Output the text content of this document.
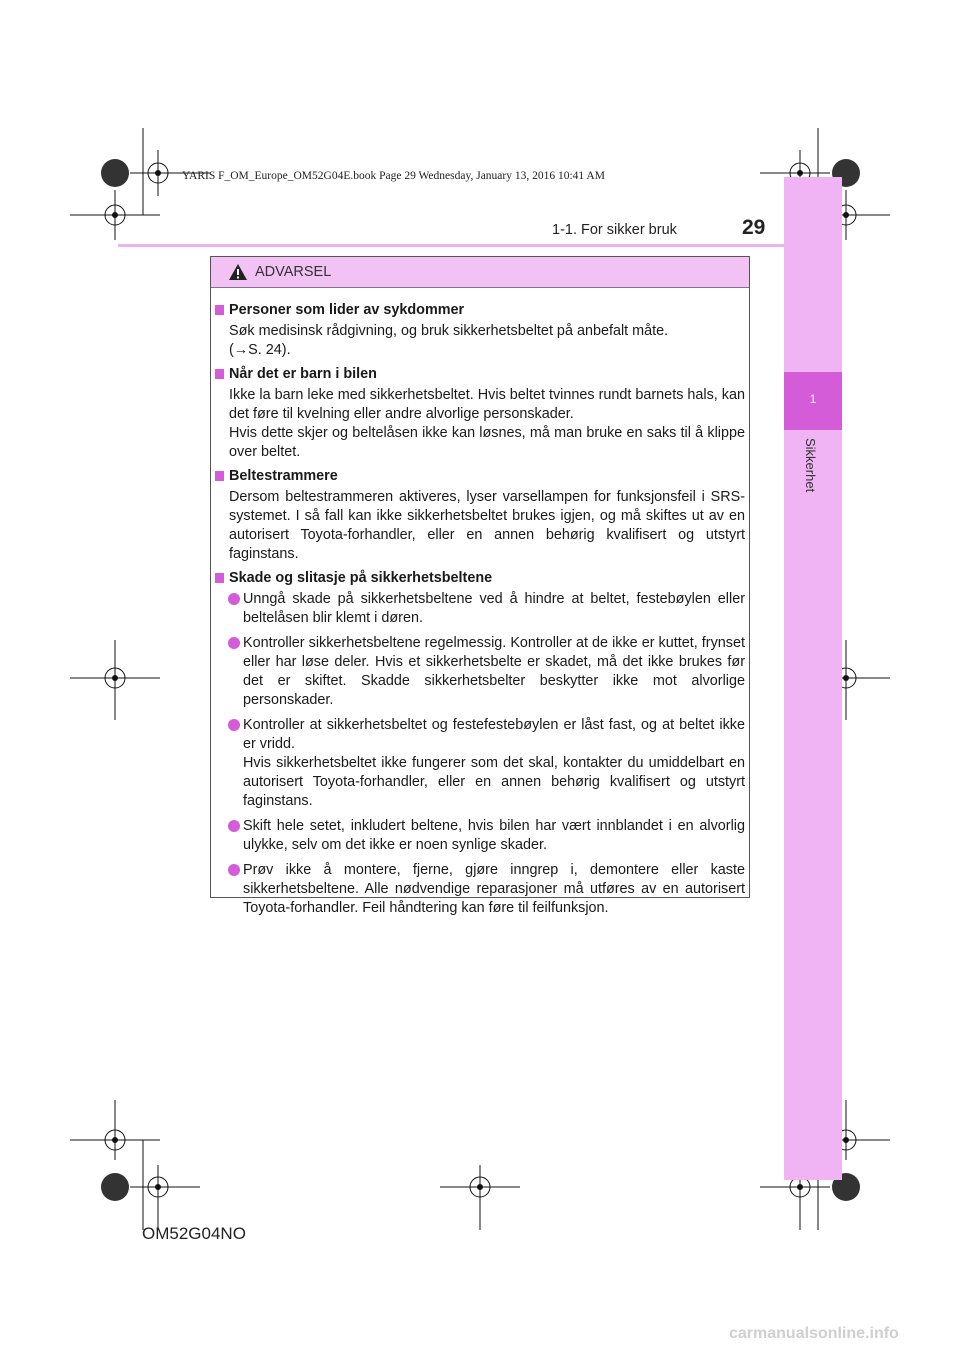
YARIS F_OM_Europe_OM52G04E.book Page 29 Wednesday, January 13, 2016 10:41 AM
1-1. For sikker bruk	29
1
Sikkerhet
ADVARSEL
Personer som lider av sykdommer
Søk medisinsk rådgivning, og bruk sikkerhetsbeltet på anbefalt måte.
(→S. 24).
Når det er barn i bilen
Ikke la barn leke med sikkerhetsbeltet. Hvis beltet tvinnes rundt barnets hals, kan det føre til kvelning eller andre alvorlige personskader.
Hvis dette skjer og beltelåsen ikke kan løsnes, må man bruke en saks til å klippe over beltet.
Beltestrammere
Dersom beltestrammeren aktiveres, lyser varsellampen for funksjonsfeil i SRS-systemet. I så fall kan ikke sikkerhetsbeltet brukes igjen, og må skiftes ut av en autorisert Toyota-forhandler, eller en annen behørig kvalifisert og utstyrt faginstans.
Skade og slitasje på sikkerhetsbeltene
Unngå skade på sikkerhetsbeltene ved å hindre at beltet, festebøylen eller beltelåsen blir klemt i døren.
Kontroller sikkerhetsbeltene regelmessig. Kontroller at de ikke er kuttet, frynset eller har løse deler. Hvis et sikkerhetsbelte er skadet, må det ikke brukes før det er skiftet. Skadde sikkerhetsbelter beskytter ikke mot alvorlige personskader.
Kontroller at sikkerhetsbeltet og festefestebøylen er låst fast, og at beltet ikke er vridd.
Hvis sikkerhetsbeltet ikke fungerer som det skal, kontakter du umiddelbart en autorisert Toyota-forhandler, eller en annen behørig kvalifisert og utstyrt faginstans.
Skift hele setet, inkludert beltene, hvis bilen har vært innblandet i en alvorlig ulykke, selv om det ikke er noen synlige skader.
Prøv ikke å montere, fjerne, gjøre inngrep i, demontere eller kaste sikkerhetsbeltene. Alle nødvendige reparasjoner må utføres av en autorisert Toyota-forhandler. Feil håndtering kan føre til feilfunksjon.
OM52G04NO
carmanualsonline.info
